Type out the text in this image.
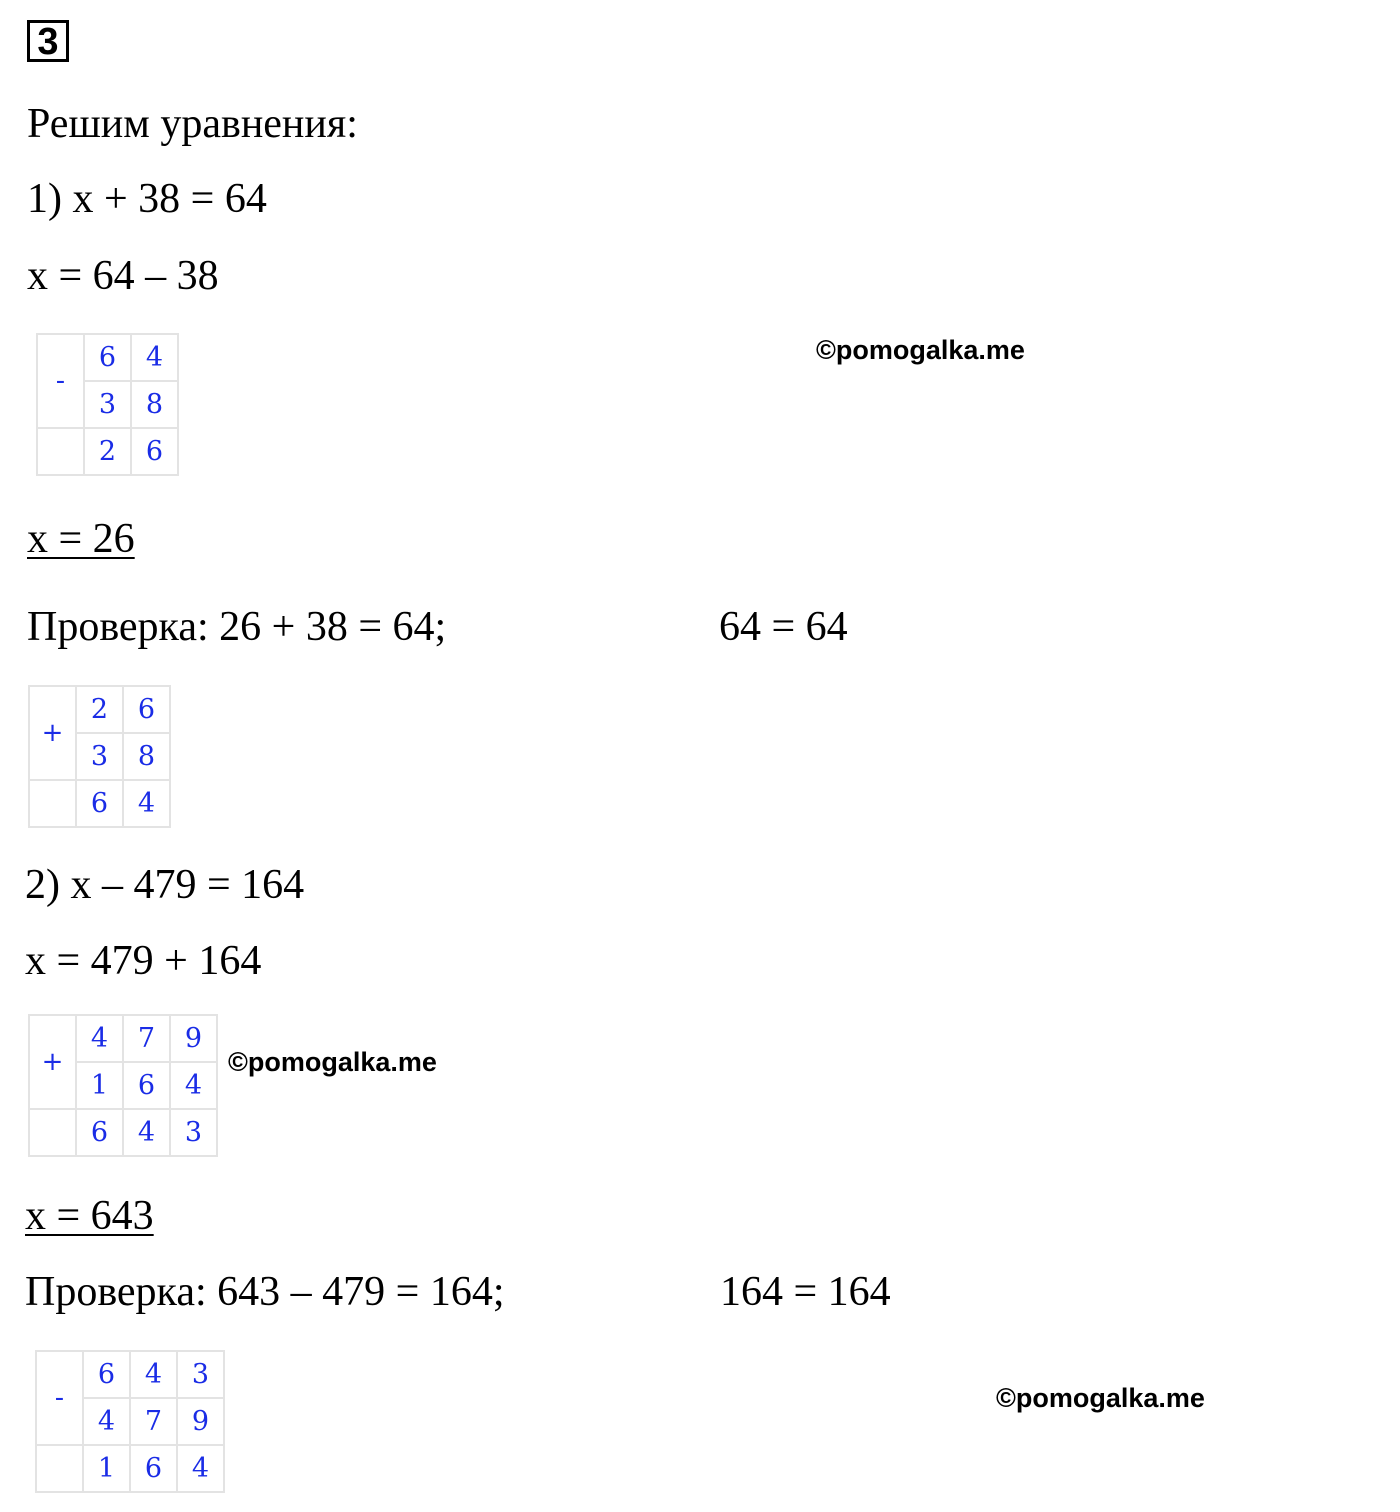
3
Решим уравнения:
1) x + 38 = 64
x = 64 – 38
-	6	4
	3	8
	2	6
©pomogalka.me
x = 26
Проверка: 26 + 38 = 64;	64 = 64
+	2	6
	3	8
	6	4
2) x – 479 = 164
x = 479 + 164
+	4	7	9
	1	6	4
	6	4	3
©pomogalka.me
x = 643
Проверка: 643 – 479 = 164;	164 = 164
-	6	4	3
	4	7	9
	1	6	4
©pomogalka.me
